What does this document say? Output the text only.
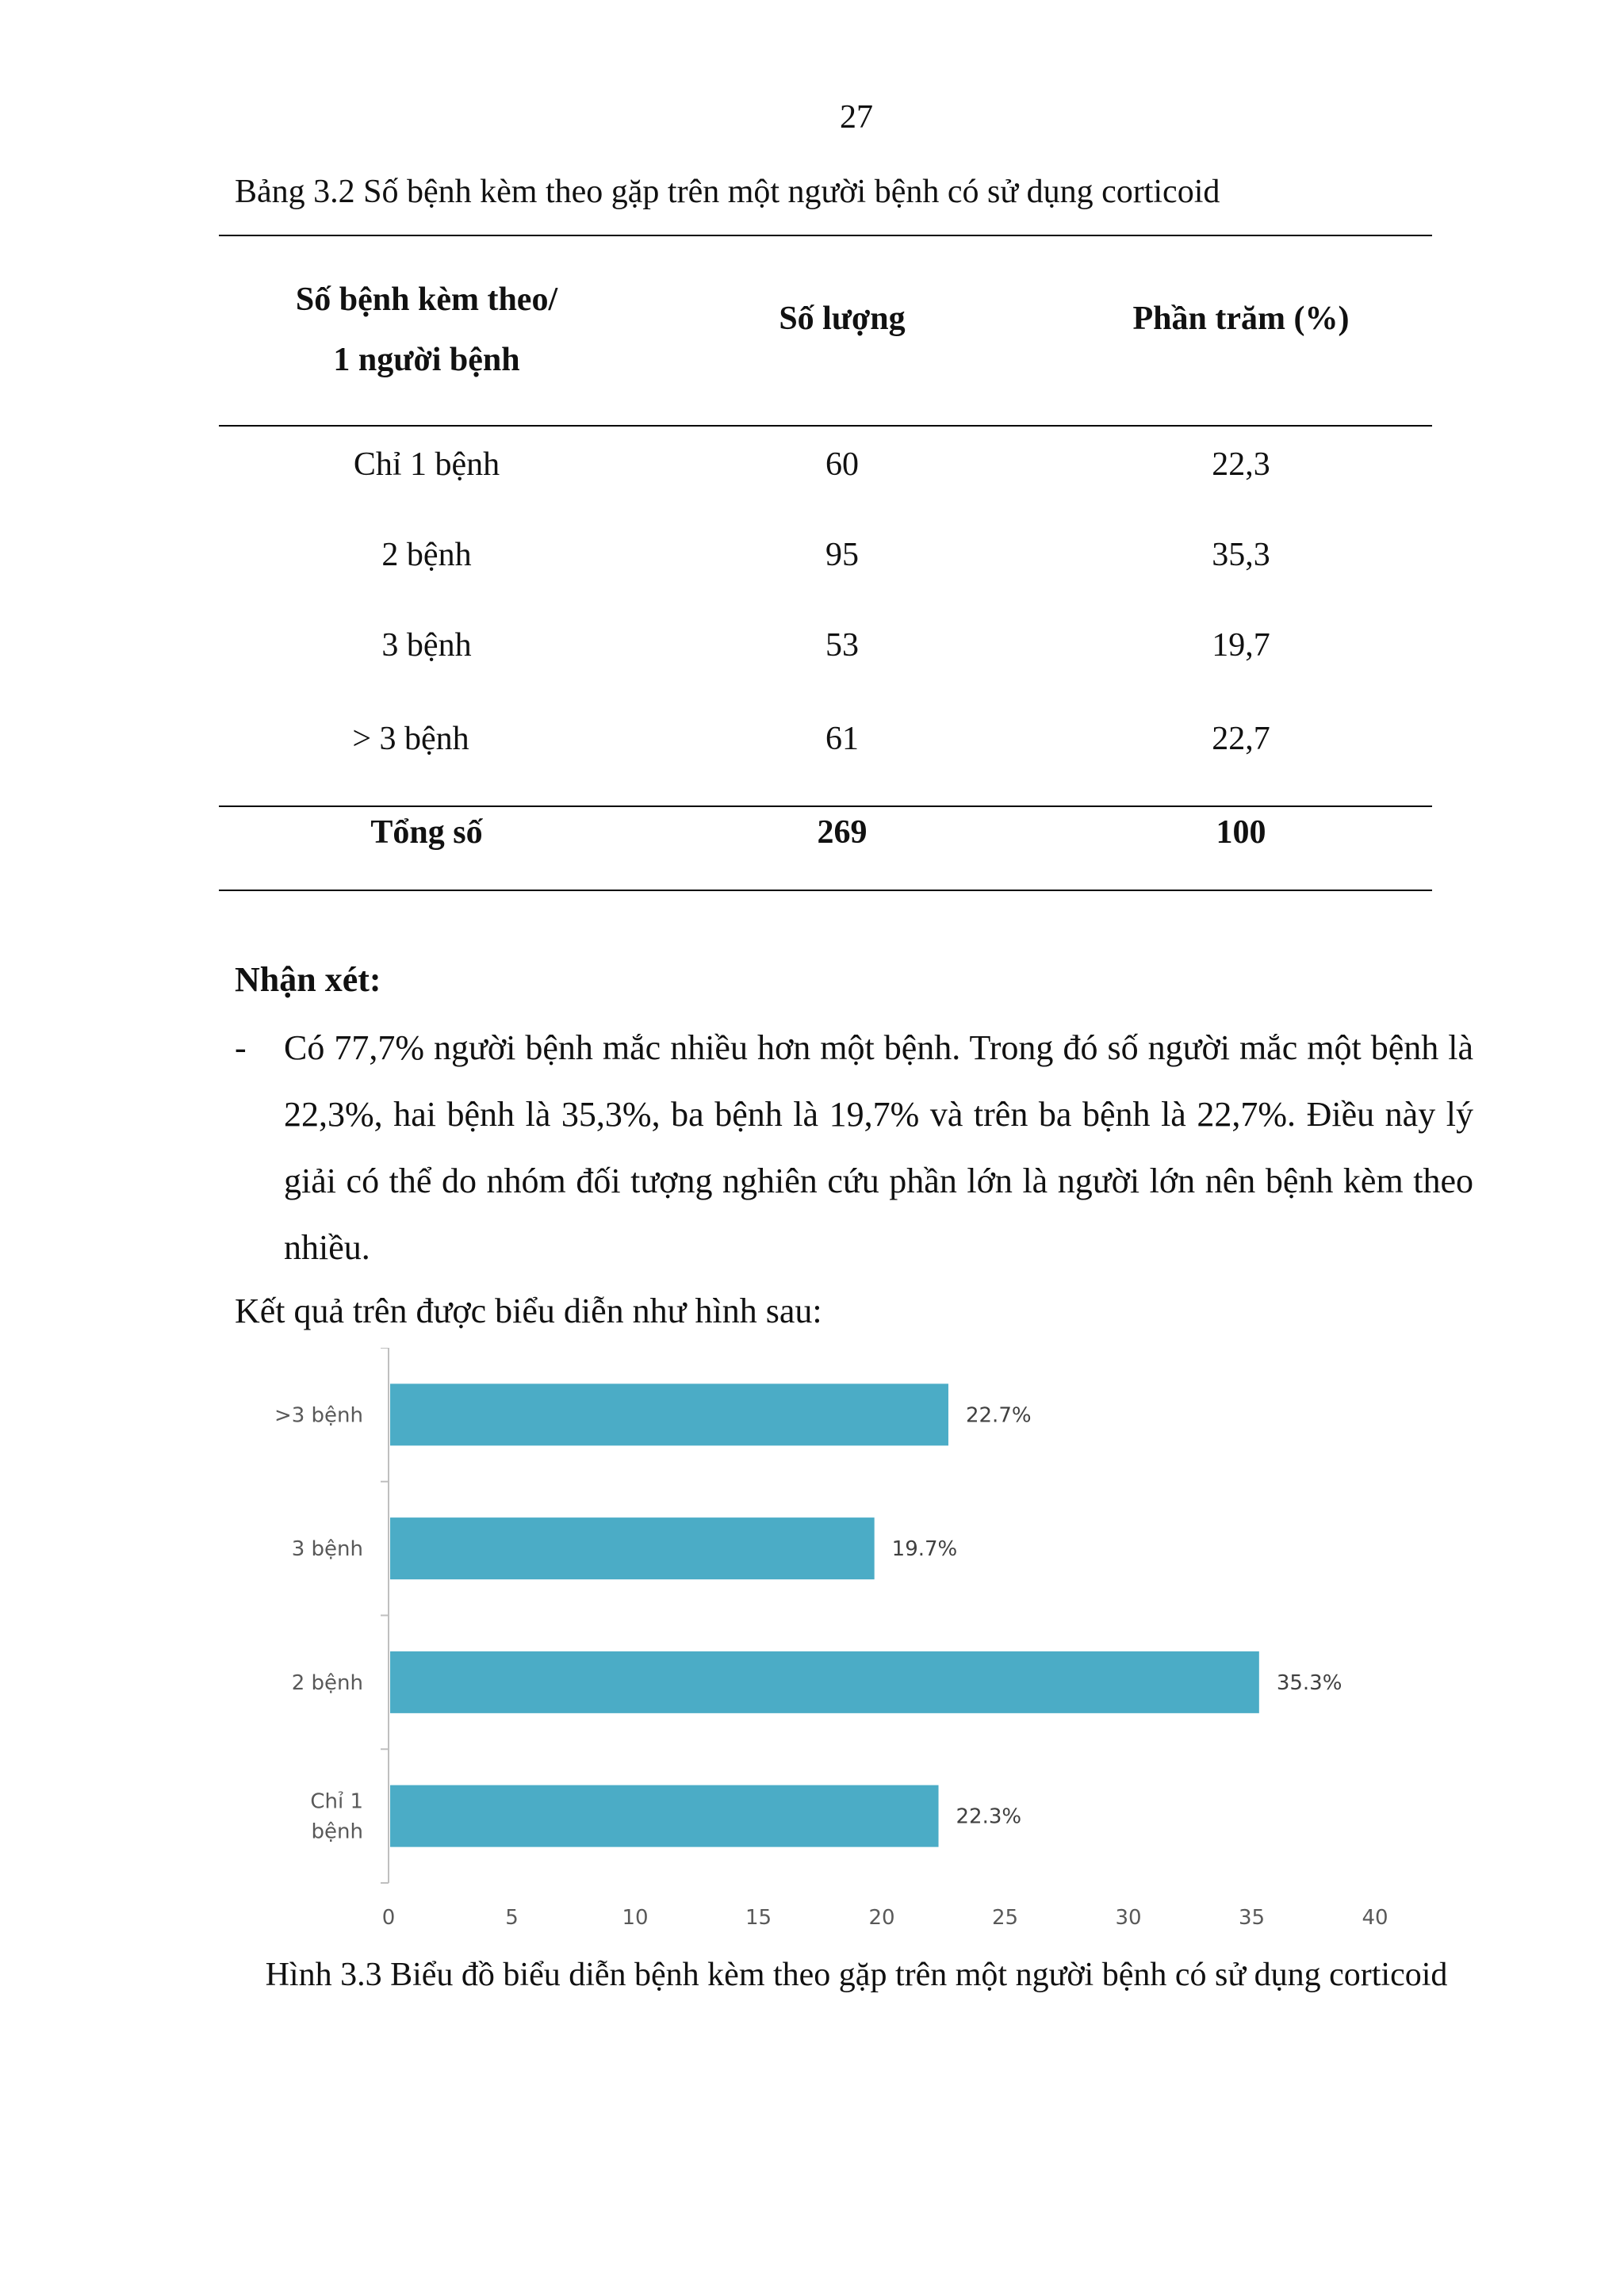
27
Bảng 3.2 Số bệnh kèm theo gặp trên một người bệnh có sử dụng corticoid
Số bệnh kèm theo/ 1 người bệnh
Số lượng	Phần trăm (%)
Chỉ 1 bệnh	60	22,3
2 bệnh	95	35,3
3 bệnh	53	19,7
> 3 bệnh	61	22,7
Tổng số	269	100
Nhận xét:
- Có 77,7% người bệnh mắc nhiều hơn một bệnh. Trong đó số người mắc một bệnh là 22,3%, hai bệnh là 35,3%, ba bệnh là 19,7% và trên ba bệnh là 22,7%. Điều này lý giải có thể do nhóm đối tượng nghiên cứu phần lớn là người lớn nên bệnh kèm theo nhiều.
Kết quả trên được biểu diễn như hình sau:
22.7%
>3 bệnh
19.7%
3 bệnh
35.3%
2 bệnh
22.3%
Chỉ 1 bệnh
0	5	10	15	20	25	30	35	40
Hình 3.3 Biểu đồ biểu diễn bệnh kèm theo gặp trên một người bệnh có sử dụng corticoid
